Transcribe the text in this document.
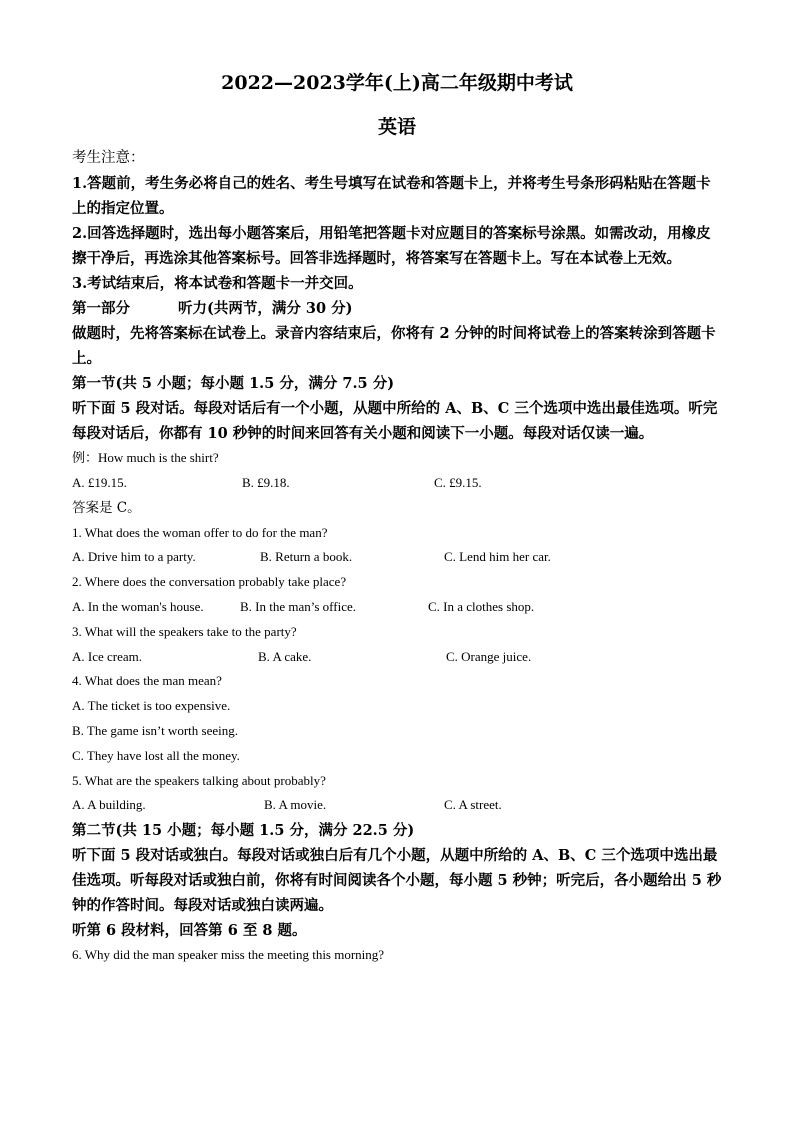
2022—2023学年(上)高二年级期中考试
英语
考生注意：
1.答题前，考生务必将自己的姓名、考生号填写在试卷和答题卡上，并将考生号条形码粘贴在答题卡上的指定位置。
2.回答选择题时，选出每小题答案后，用铅笔把答题卡对应题目的答案标号涂黑。如需改动，用橡皮擦干净后，再选涂其他答案标号。回答非选择题时，将答案写在答题卡上。写在本试卷上无效。
3.考试结束后，将本试卷和答题卡一并交回。
第一部分	听力(共两节，满分 30 分)
做题时，先将答案标在试卷上。录音内容结束后，你将有 2 分钟的时间将试卷上的答案转涂到答题卡上。
第一节(共 5 小题；每小题 1.5 分，满分 7.5 分)
听下面 5 段对话。每段对话后有一个小题，从题中所给的 A、B、C 三个选项中选出最佳选项。听完每段对话后，你都有 10 秒钟的时间来回答有关小题和阅读下一小题。每段对话仅读一遍。
例：How much is the shirt?
A. £19.15.	B. £9.18.	C. £9.15.
答案是 C。
1. What does the woman offer to do for the man?
A. Drive him to a party.	B. Return a book.	C. Lend him her car.
2. Where does the conversation probably take place?
A. In the woman's house.	B. In the man’s office.	C. In a clothes shop.
3. What will the speakers take to the party?
A. Ice cream.	B. A cake.	C. Orange juice.
4. What does the man mean?
A. The ticket is too expensive.
B. The game isn’t worth seeing.
C. They have lost all the money.
5. What are the speakers talking about probably?
A. A building.	B. A movie.	C. A street.
第二节(共 15 小题；每小题 1.5 分，满分 22.5 分)
听下面 5 段对话或独白。每段对话或独白后有几个小题，从题中所给的 A、B、C 三个选项中选出最佳选项。听每段对话或独白前，你将有时间阅读各个小题，每小题 5 秒钟；听完后，各小题给出 5 秒钟的作答时间。每段对话或独白读两遍。
听第 6 段材料，回答第 6 至 8 题。
6. Why did the man speaker miss the meeting this morning?
